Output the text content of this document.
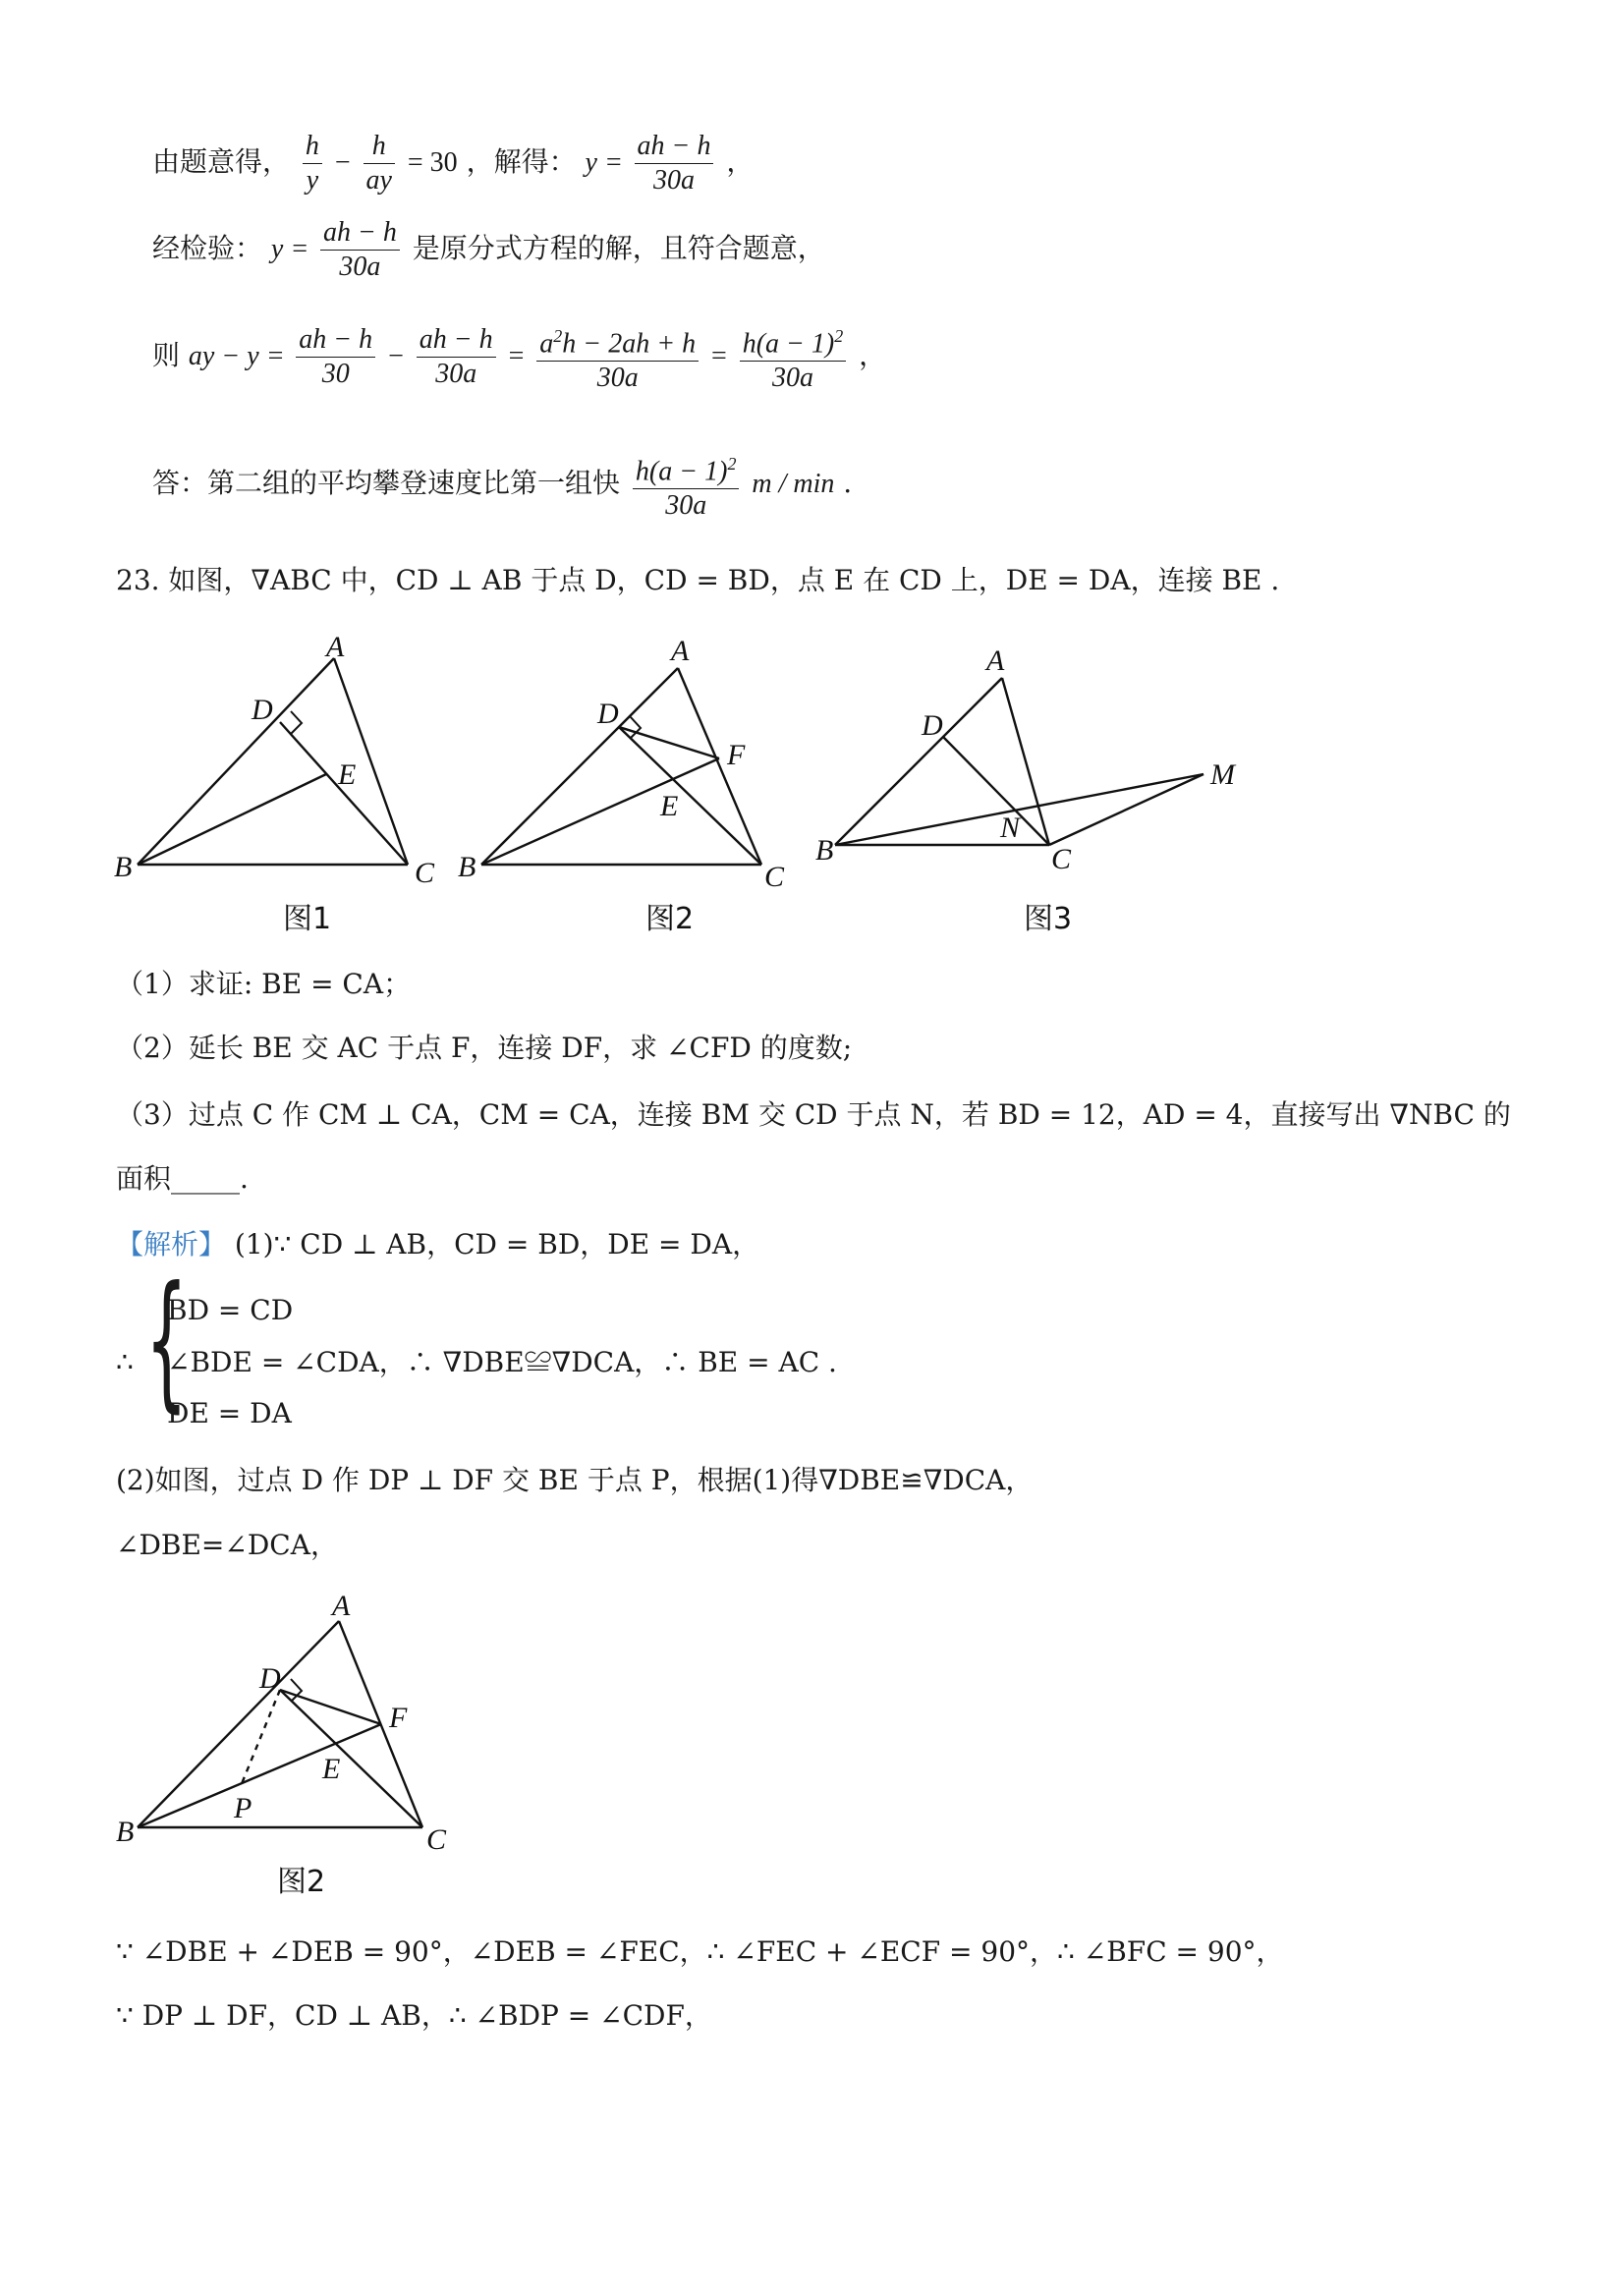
由题意得， $\frac{h}{y} - \frac{h}{ay} = 30$ ，解得： $y = \frac{ah - h}{30a}$ ，
经检验： $y = \frac{ah - h}{30a}$ 是原分式方程的解，且符合题意，
则 ay − $y = \frac{ah - h}{30} - \frac{ah - h}{30a} = \frac{a^2h - 2ah + h}{30a} = \frac{h(a - 1)^2}{30a}$ ，
答：第二组的平均攀登速度比第一组快 $\frac{h(a - 1)^2}{30a}$ m / min .
23. 如图，∇ABC 中，CD ⊥ AB 于点 D，CD = BD，点 E 在 CD 上，DE = DA，连接 BE .
A
B	C
D
E
图1
A
B	C
D
F
E
图2
A
B	C
D
N
M
图3
（1）求证: BE = CA；
（2）延长 BE 交 AC 于点 F，连接 DF，求 ∠CFD 的度数;
（3）过点 C 作 CM ⊥ CA，CM = CA，连接 BM 交 CD 于点 N，若 BD = 12，AD = 4，直接写出 ∇NBC 的
面积_____.
【解析】 (1)∵ CD ⊥ AB，CD = BD，DE = DA，
∴ {
BD = CD
∠BDE = ∠CDA，∴ ∇DBE≌∇DCA，∴ BE = AC .
DE = DA
(2)如图，过点 D 作 DP ⊥ DF 交 BE 于点 P，根据(1)得∇DBE≌∇DCA，
∠DBE=∠DCA，
A
B	C
D
F
E
P
图2
∵ ∠DBE + ∠DEB = 90°，∠DEB = ∠FEC，∴ ∠FEC + ∠ECF = 90°，∴ ∠BFC = 90°，
∵ DP ⊥ DF，CD ⊥ AB，∴ ∠BDP = ∠CDF，
